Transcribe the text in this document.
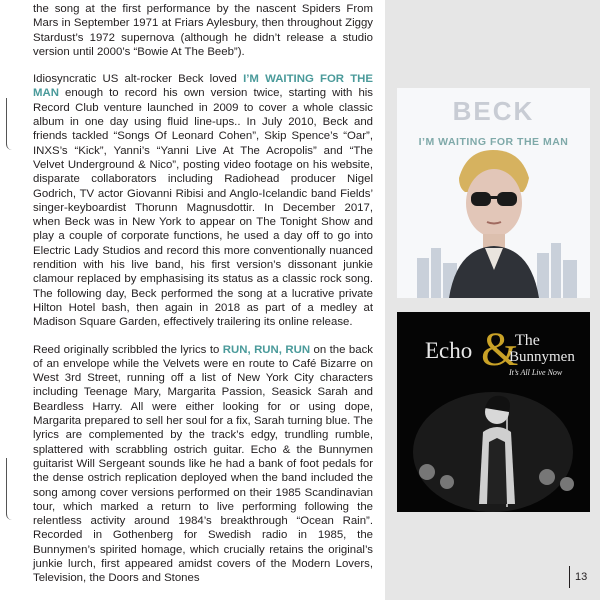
the song at the first performance by the nascent Spiders From Mars in September 1971 at Friars Aylesbury, then throughout Ziggy Stardust’s 1972 supernova (although he didn’t release a studio version until 2000’s “Bowie At The Beeb”).

Idiosyncratic US alt-rocker Beck loved I’M WAITING FOR THE MAN enough to record his own version twice, starting with his Record Club venture launched in 2009 to cover a whole classic album in one day using fluid line-ups.. In July 2010, Beck and friends tackled “Songs Of Leonard Cohen”, Skip Spence’s “Oar”, INXS’s “Kick”, Yanni’s “Yanni Live At The Acropolis” and “The Velvet Underground & Nico”, posting video footage on his website, disparate collaborators including Radiohead producer Nigel Godrich, TV actor Giovanni Ribisi and Anglo-Icelandic band Fields’ singer-keyboardist Thorunn Magnusdottir. In December 2017, when Beck was in New York to appear on The Tonight Show and play a couple of corporate functions, he used a day off to go into Electric Lady Studios and record this more conventionally nuanced rendition with his live band, his first version’s dissonant junkie clamour replaced by emphasising its status as a classic rock song. The following day, Beck performed the song at a lucrative private Hilton Hotel bash, then again in 2018 as part of a medley at Madison Square Garden, effectively trailering its online release.

Reed originally scribbled the lyrics to RUN, RUN, RUN on the back of an envelope while the Velvets were en route to Café Bizarre on West 3rd Street, running off a list of New York City characters including Teenage Mary, Margarita Passion, Seasick Sarah and Beardless Harry. All were either looking for or using dope, Margarita prepared to sell her soul for a fix, Sarah turning blue. The lyrics are complemented by the track’s edgy, trundling rumble, splattered with scrabbling ostrich guitar. Echo & the Bunnymen guitarist Will Sergeant sounds like he had a bank of foot pedals for the dense ostrich replication deployed when the band included the song among cover versions performed on their 1985 Scandinavian tour, which marked a return to live performing following the relentless activity around 1984’s breakthrough “Ocean Rain”. Recorded in Gothenberg for Swedish radio in 1985, the Bunnymen’s spirited homage, which crucially retains the original’s junkie lurch, first appeared amidst covers of the Modern Lovers, Television, the Doors and Stones

BECK
I’M WAITING FOR THE MAN
Echo &
The
Bunnymen
It’s All Live Now
13
